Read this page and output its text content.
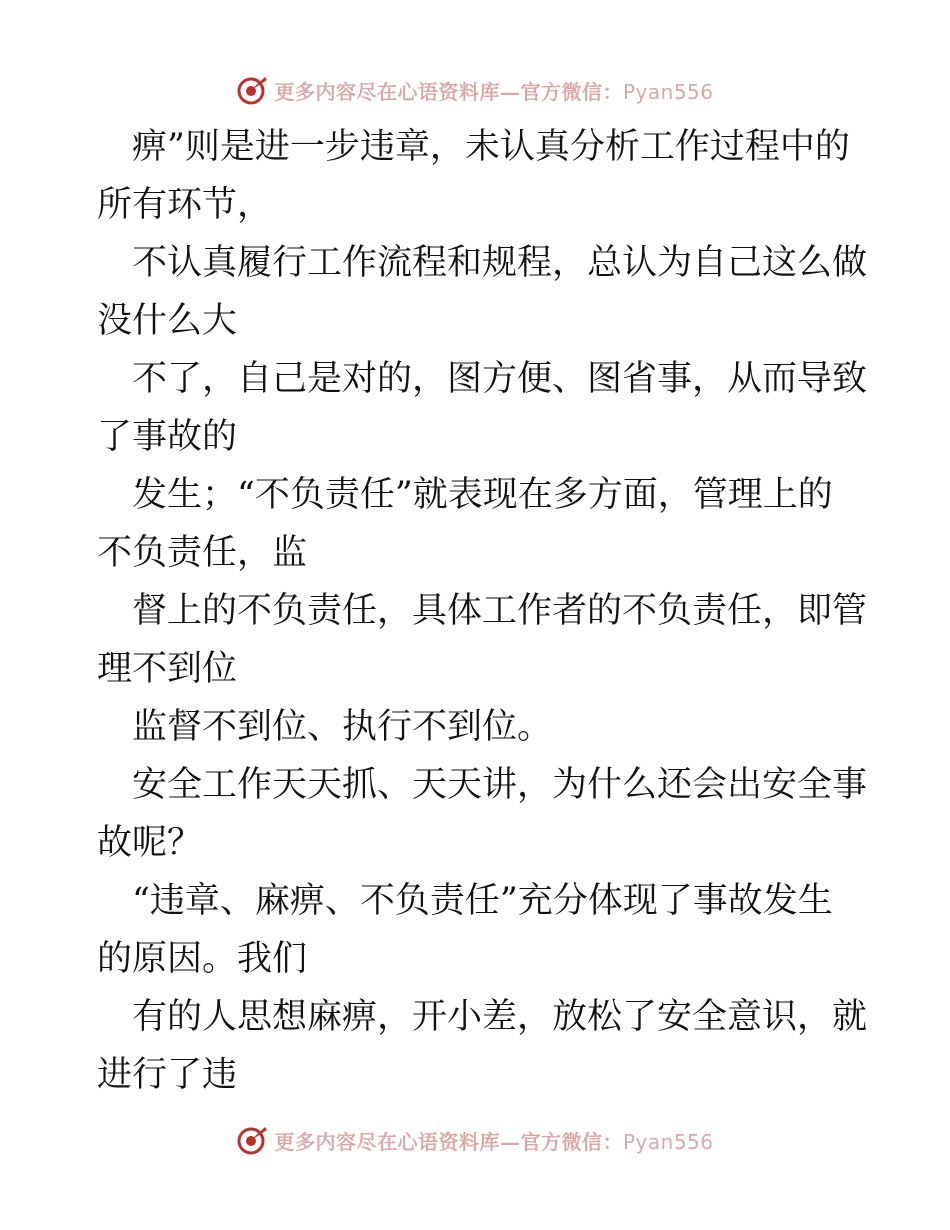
更多内容尽在心语资料库—官方微信：Pyan556
　痹”则是进一步违章，未认真分析工作过程中的
所有环节，
　不认真履行工作流程和规程，总认为自己这么做
没什么大
　不了，自己是对的，图方便、图省事，从而导致
了事故的
　发生；“不负责任”就表现在多方面，管理上的
不负责任，监
　督上的不负责任，具体工作者的不负责任，即管
理不到位
　监督不到位、执行不到位。
　安全工作天天抓、天天讲，为什么还会出安全事
故呢？
　“违章、麻痹、不负责任”充分体现了事故发生
的原因。我们
　有的人思想麻痹，开小差，放松了安全意识，就
进行了违
更多内容尽在心语资料库—官方微信：Pyan556
